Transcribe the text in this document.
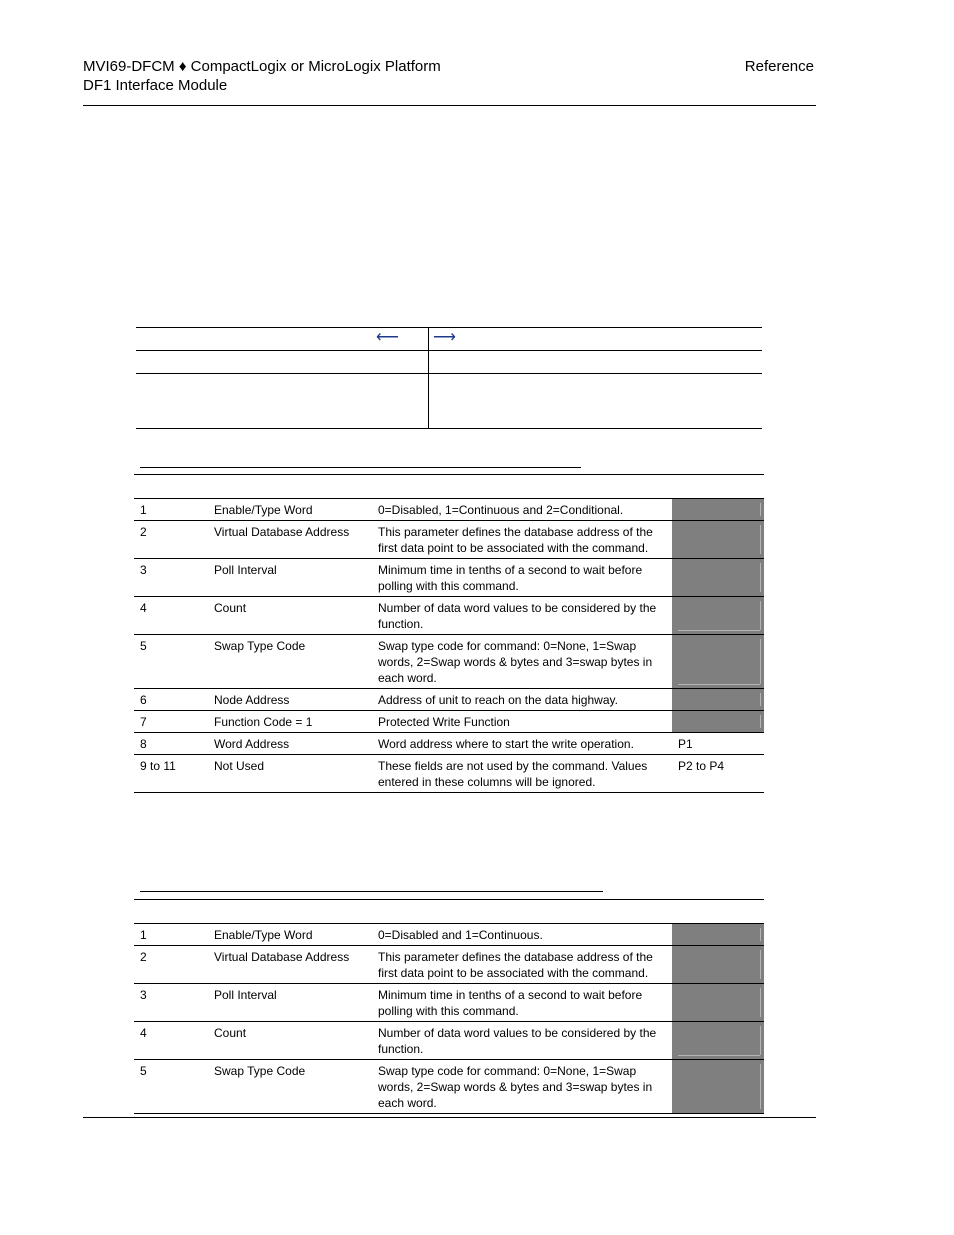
MVI69-DFCM ♦ CompactLogix or MicroLogix Platform
DF1 Interface Module
Reference
⟵ ⟶
1	Enable/Type Word	0=Disabled, 1=Continuous and 2=Conditional.	
2	Virtual Database Address	This parameter defines the database address of the first data point to be associated with the command.	
3	Poll Interval	Minimum time in tenths of a second to wait before polling with this command.	
4	Count	Number of data word values to be considered by the function.	
5	Swap Type Code	Swap type code for command: 0=None, 1=Swap words, 2=Swap words & bytes and 3=swap bytes in each word.	
6	Node Address	Address of unit to reach on the data highway.	
7	Function Code = 1	Protected Write Function	
8	Word Address	Word address where to start the write operation.	P1
9 to 11	Not Used	These fields are not used by the command. Values entered in these columns will be ignored.	P2 to P4
1	Enable/Type Word	0=Disabled and 1=Continuous.	
2	Virtual Database Address	This parameter defines the database address of the first data point to be associated with the command.	
3	Poll Interval	Minimum time in tenths of a second to wait before polling with this command.	
4	Count	Number of data word values to be considered by the function.	
5	Swap Type Code	Swap type code for command: 0=None, 1=Swap words, 2=Swap words & bytes and 3=swap bytes in each word.	
